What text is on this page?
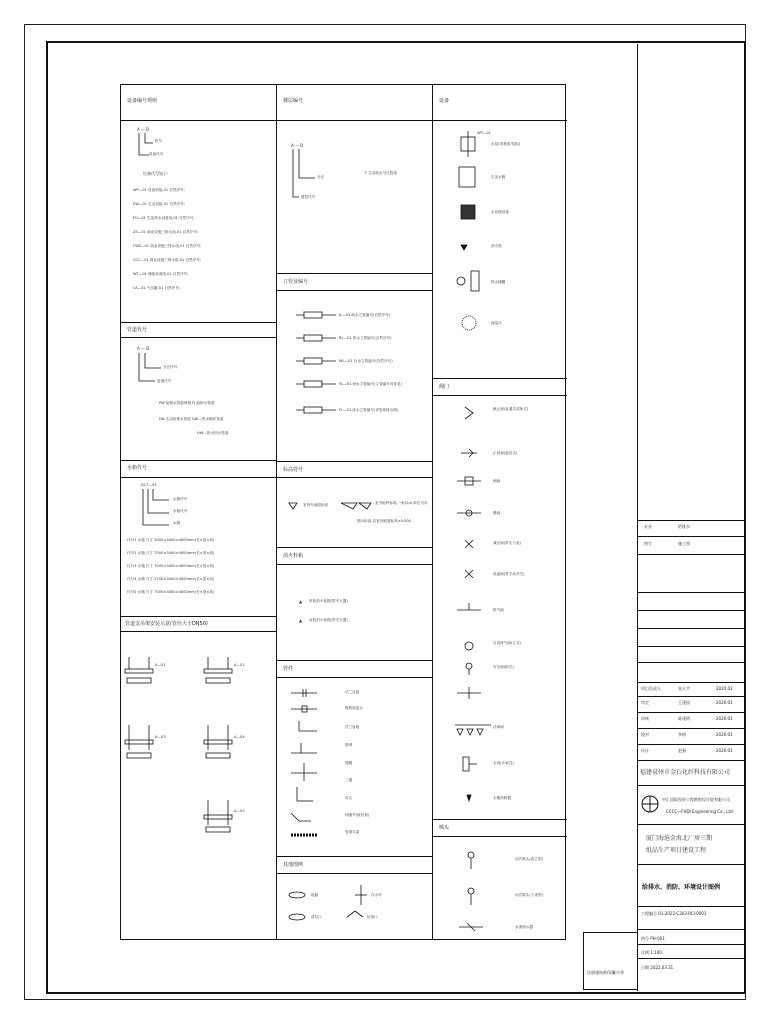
设备编号规则
A — B
机号
设备代号
设备代号如下:
WP—01 设备机组,01 自然序号;
EW—01 生活泵组,01 自然序号;
FH—01 生活热水设备组,01 自然序号;
ZS—01 商业设施三排水组,01 自然序号;
FWS—01 商业设施三排水组,01 自然序号;
CCC—01 商业设施三排水组,01 自然序号;
WT—01 储备设备组,01 自然序号;
LA—01 气压罐,01 自然序号;
管道代号
A — B
分区序号
管道代号
PW 给排水管道规格 FJ 给排水管道
DN 生活给排水管道 GW—热水循环管道
HW—热水回水管道
水箱代号
DCT—01
水箱序号
水箱代号
水箱
代号1 水箱 尺寸 5000×3000×4000mm(长×宽×高)
代号2 水箱 尺寸 7000×3000×4000mm(长×宽×高)
代号3 水箱 尺寸 7000×3000×4000mm(长×宽×高)
代号4 水箱 尺寸 2700×3000×4000mm(长×宽×高)
代号5 水箱 尺寸 7000×3000×4000mm(长×宽×高)
管道支吊架安装示意(管径大于DN50)
A—01	A—02
A—03	A—04
A—05
楼层编号
A — B
分区
楼层代号
F 生活给水分区管道
立管及编号
JL—01 给水立管编号(自然序号)
RL—01 热水立管编号(自然序号)
WL—01 污水立管编号(自然序号)
YL—01 雨水立管编号(立管编号具体见)
FL—01 废水立管编号(详见给排水图)
标高符号
室内外地面标高	室外地坪标高,一般以m,单位为米
图示标高,以室内地面标高±0.000
消火栓箱
▲ 单栓消火栓箱(带灭火器)
▲ 双栓消火栓箱(带灭火器)
管件
法兰连接
橡胶软接头
法兰盲板
管堵
管帽
三通
弯头
伸缩节(波纹管)
管道支架
其他图例
地漏
清扫口
存水弯
检查口
设备
WP—01
水泵(带基座/泵组)
生活水箱
水处理设备
消火栓
热水储罐
流量计
阀门
截止阀(直通式或角式)
止回阀(旋启式)
闸阀
蝶阀
减压阀(带压力表)
电磁阀(带手动开关)
排气阀
自动排气阀(立式)
安全阀(卧式)
浮球阀
水表(水表井)
水锤消除器
喷头
闭式喷头(直立型)
闭式喷头(下垂型)
水流指示器
专业	给排水
图号	施工图
项目负责人	张天宇	2020.03
审定	王建国	2020.03
审核	陈建明	2020.03
校对	李明	2020.03
设计	赵强	2020.03
福建泉州市金石化纤科技有限公司
中汇国际投资工程勘察设计院有限公司
CCCC—FHDI Engineering Co., Ltd.
厦门海沧金海北厂房三期
纸品生产项目建设工程
给排水、消防、环境设计图例
工程编号 01-2022-C203-RCI-0001
图号 PH-001
比例 1:100
日期 2022.03.31
注册建筑师印章
张兴华
